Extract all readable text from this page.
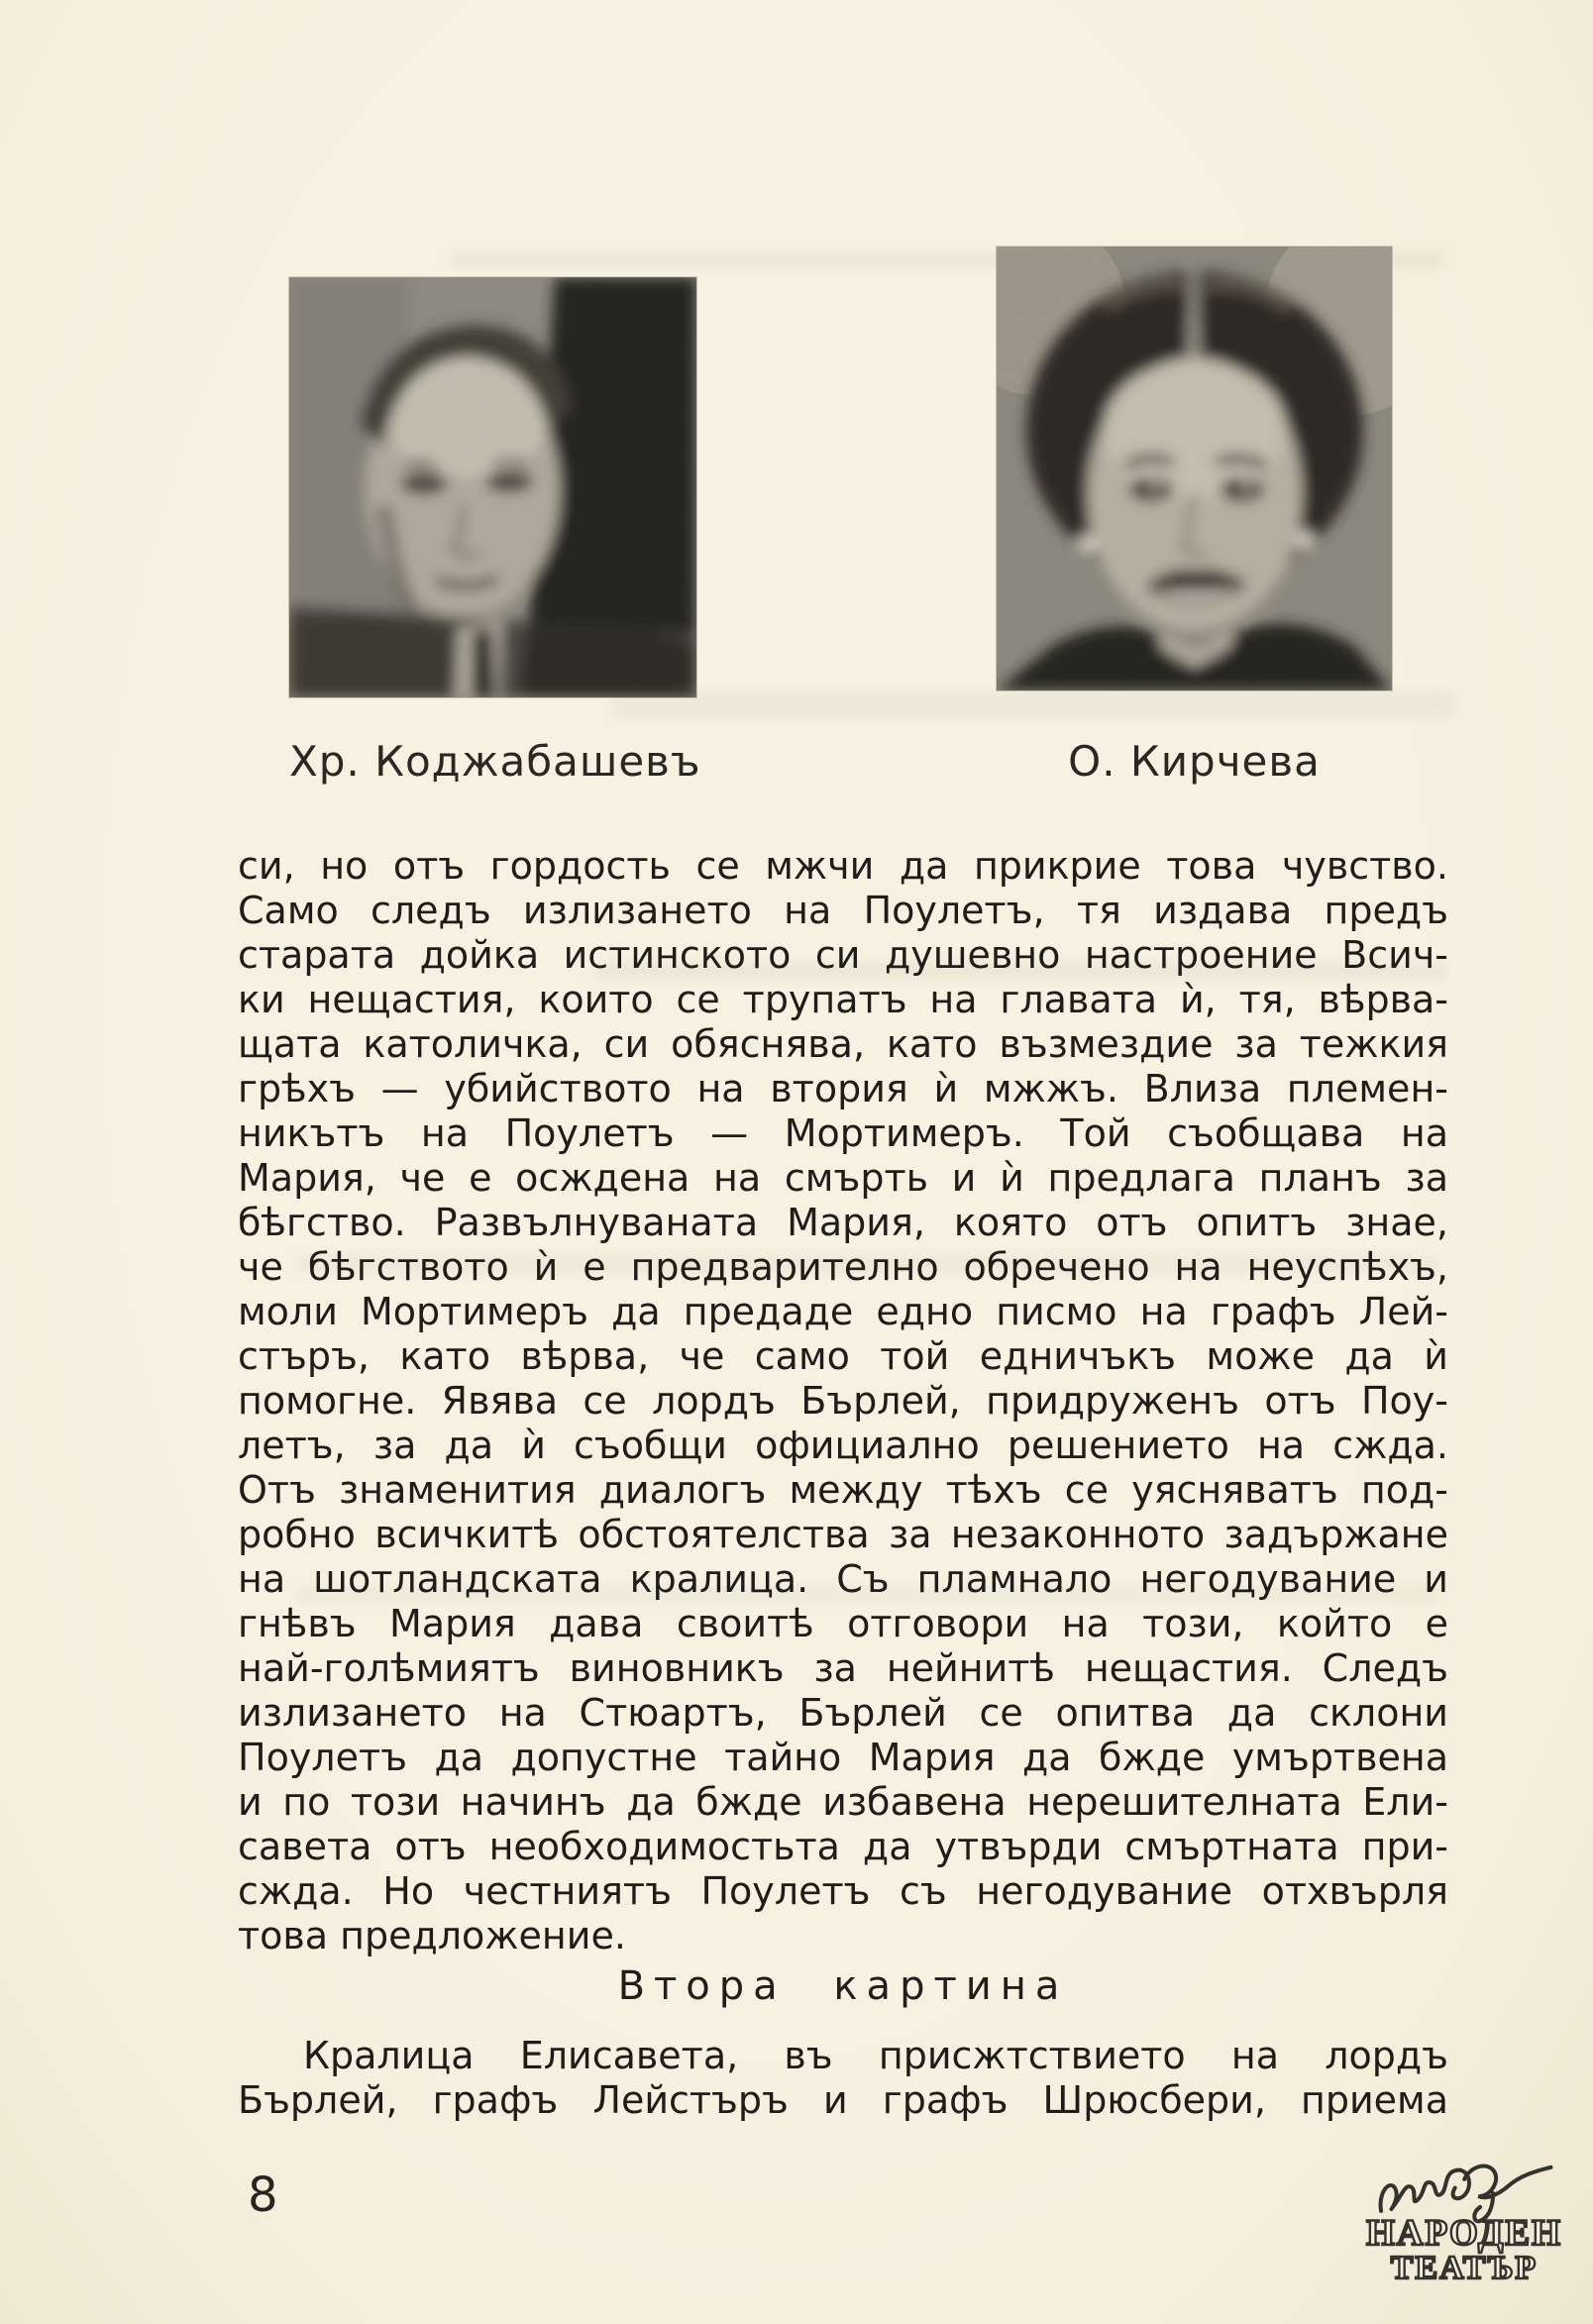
Хр. Коджабашевъ	О. Кирчева
си, но отъ гордость се мжчи да прикрие това чувство.
Само следъ излизането на Поулетъ, тя издава предъ
старата дойка истинското си душевно настроение Всич-
ки нещастия, които се трупатъ на главата ѝ, тя, вѣрва-
щата католичка, си обяснява, като възмездие за тежкия
грѣхъ — убийството на втория ѝ мжжъ. Влиза племен-
никътъ на Поулетъ — Мортимеръ. Той съобщава на
Мария, че е осждена на смърть и ѝ предлага планъ за
бѣгство. Развълнуваната Мария, която отъ опитъ знае,
че бѣгството ѝ е предварително обречено на неуспѣхъ,
моли Мортимеръ да предаде едно писмо на графъ Лей-
стъръ, като вѣрва, че само той едничъкъ може да ѝ
помогне. Явява се лордъ Бърлей, придруженъ отъ Поу-
летъ, за да ѝ съобщи официално решението на сжда.
Отъ знаменития диалогъ между тѣхъ се уясняватъ под-
робно всичкитѣ обстоятелства за незаконното задържане
на шотландската кралица. Съ пламнало негодувание и
гнѣвъ Мария дава своитѣ отговори на този, който е
най-голѣмиятъ виновникъ за нейнитѣ нещастия. Следъ
излизането на Стюартъ, Бърлей се опитва да склони
Поулетъ да допустне тайно Мария да бжде умъртвена
и по този начинъ да бжде избавена нерешителната Ели-
савета отъ необходимостьта да утвърди смъртната при-
сжда. Но честниятъ Поулетъ съ негодувание отхвърля
това предложение.
Втора картина
Кралица Елисавета, въ присжтствието на лордъ
Бърлей, графъ Лейстъръ и графъ Шрюсбери, приема
8
НАРОДЕН
ТЕАТЪР
